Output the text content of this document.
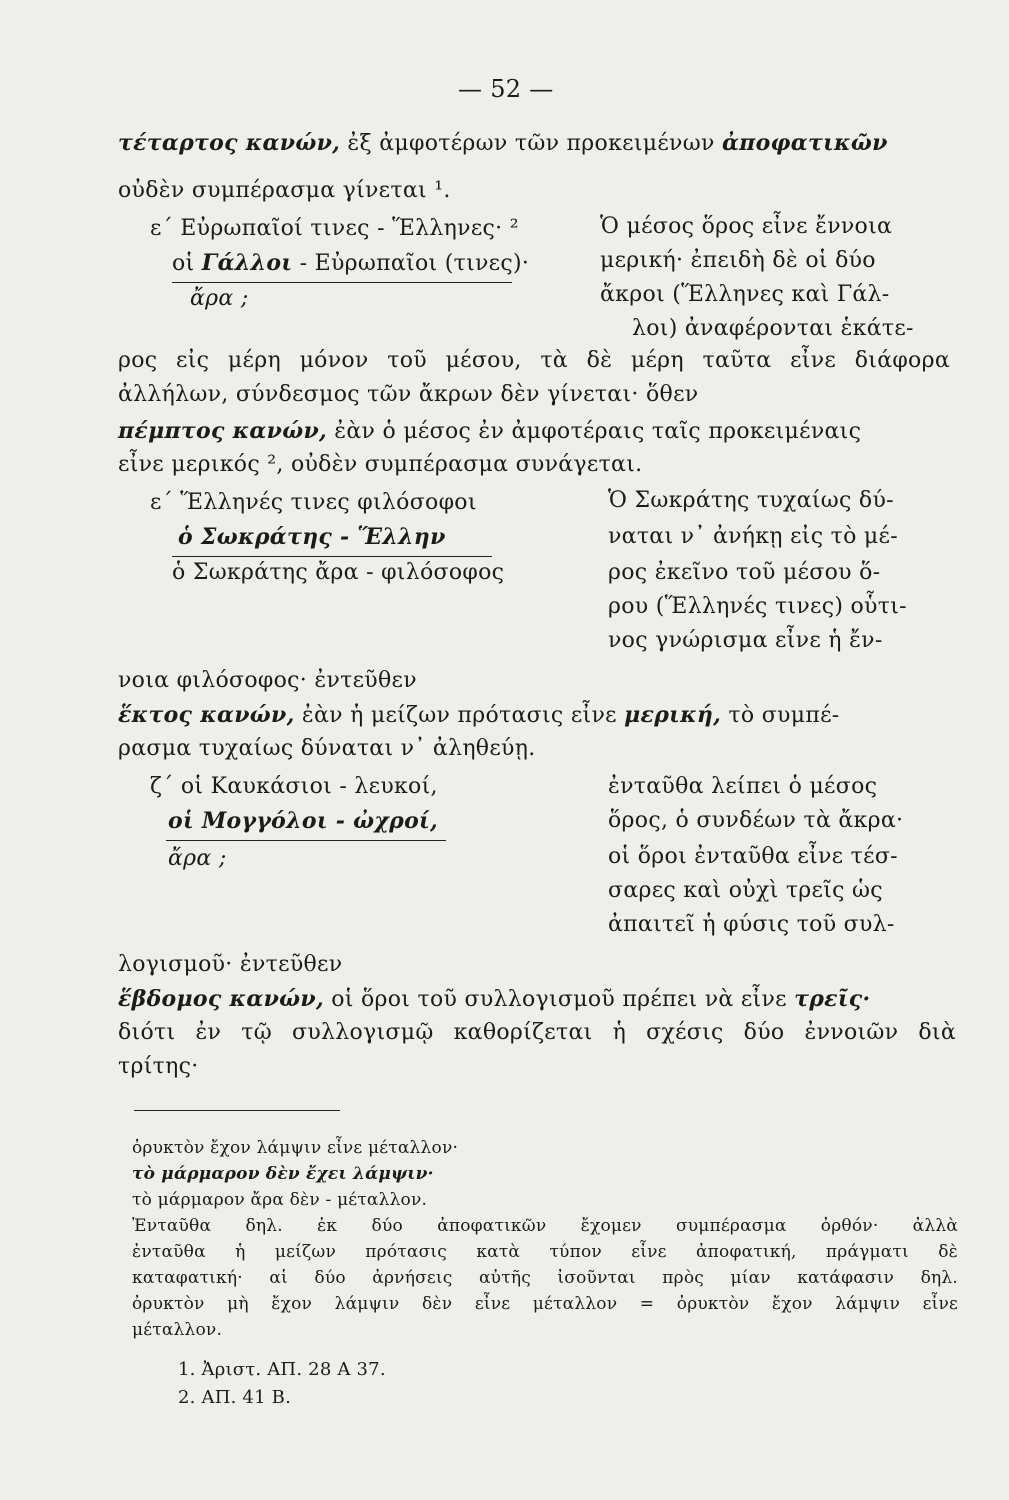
— 52 —
τέταρτος κανών, ἐξ ἀμφοτέρων τῶν προκειμένων ἀποφατικῶν
οὐδὲν συμπέρασμα γίνεται ¹.
ε΄ Εὐρωπαῖοί τινες - Ἕλληνες· ²
οἱ Γάλλοι - Εὐρωπαῖοι (τινες)·
ἄρα ;
Ὁ μέσος ὅρος εἶνε ἔννοια
μερική· ἐπειδὴ δὲ οἱ δύο
ἄκροι (Ἕλληνες καὶ Γάλ-
λοι) ἀναφέρονται ἑκάτε-
ρος εἰς μέρη μόνον τοῦ μέσου, τὰ δὲ μέρη ταῦτα εἶνε διάφορα
ἀλλήλων, σύνδεσμος τῶν ἄκρων δὲν γίνεται· ὅθεν
πέμπτος κανών, ἐὰν ὁ μέσος ἐν ἀμφοτέραις ταῖς προκειμέναις
εἶνε μερικός ², οὐδὲν συμπέρασμα συνάγεται.
ε΄ Ἕλληνές τινες φιλόσοφοι
ὁ Σωκράτης - Ἕλλην
ὁ Σωκράτης ἄρα - φιλόσοφος
Ὁ Σωκράτης τυχαίως δύ-
ναται ν᾽ ἀνήκῃ εἰς τὸ μέ-
ρος ἐκεῖνο τοῦ μέσου ὅ-
ρου (Ἕλληνές τινες) οὗτι-
νος γνώρισμα εἶνε ἡ ἔν-
νοια φιλόσοφος· ἐντεῦθεν
ἕκτος κανών, ἐὰν ἡ μείζων πρότασις εἶνε μερική, τὸ συμπέ-
ρασμα τυχαίως δύναται ν᾽ ἀληθεύῃ.
ζ΄ οἱ Καυκάσιοι - λευκοί,
οἱ Μογγόλοι - ὠχροί,
ἄρα ;
ἐνταῦθα λείπει ὁ μέσος
ὅρος, ὁ συνδέων τὰ ἄκρα·
οἱ ὅροι ἐνταῦθα εἶνε τέσ-
σαρες καὶ οὐχὶ τρεῖς ὡς
ἀπαιτεῖ ἡ φύσις τοῦ συλ-
λογισμοῦ· ἐντεῦθεν
ἕβδομος κανών, οἱ ὅροι τοῦ συλλογισμοῦ πρέπει νὰ εἶνε τρεῖς·
διότι ἐν τῷ συλλογισμῷ καθορίζεται ἡ σχέσις δύο ἐννοιῶν διὰ
τρίτης·
ὀρυκτὸν ἔχον λάμψιν εἶνε μέταλλον·
τὸ μάρμαρον δὲν ἔχει λάμψιν·
τὸ μάρμαρον ἄρα δὲν - μέταλλον.
Ἐνταῦθα δηλ. ἐκ δύο ἀποφατικῶν ἔχομεν συμπέρασμα ὀρθόν· ἀλλὰ
ἐνταῦθα ἡ μείζων πρότασις κατὰ τύπον εἶνε ἀποφατική, πράγματι δὲ
καταφατική· αἱ δύο ἀρνήσεις αὐτῆς ἰσοῦνται πρὸς μίαν κατάφασιν δηλ.
ὀρυκτὸν μὴ ἔχον λάμψιν δὲν εἶνε μέταλλον = ὀρυκτὸν ἔχον λάμψιν εἶνε
μέταλλον.
1. Ἀριστ. ΑΠ. 28 Α 37.
2. ΑΠ. 41 Β.
